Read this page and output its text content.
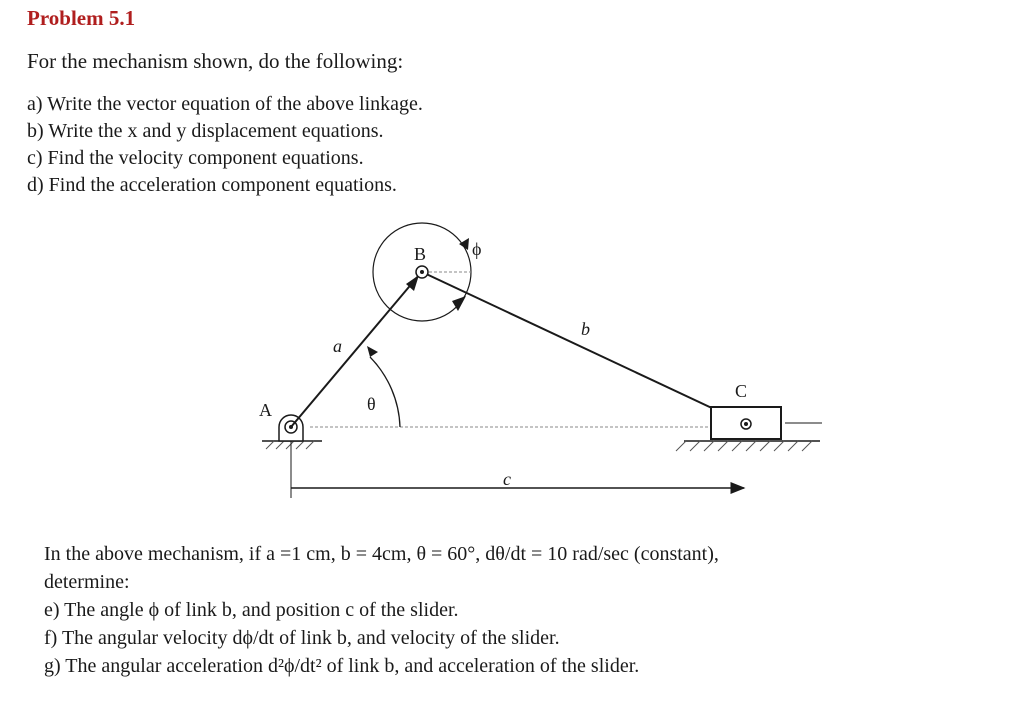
Problem 5.1
For the mechanism shown, do the following:
a) Write the vector equation of the above linkage.
b) Write the x and y displacement equations.
c) Find the velocity component equations.
d) Find the acceleration component equations.
A
B
C
a
b
c
θ
ϕ
In the above mechanism, if a =1 cm, b = 4cm, θ = 60°, dθ/dt = 10 rad/sec (constant),
determine:
e) The angle ϕ of link b, and position c of the slider.
f) The angular velocity dϕ/dt of link b, and velocity of the slider.
g) The angular acceleration d²ϕ/dt² of link b, and acceleration of the slider.
